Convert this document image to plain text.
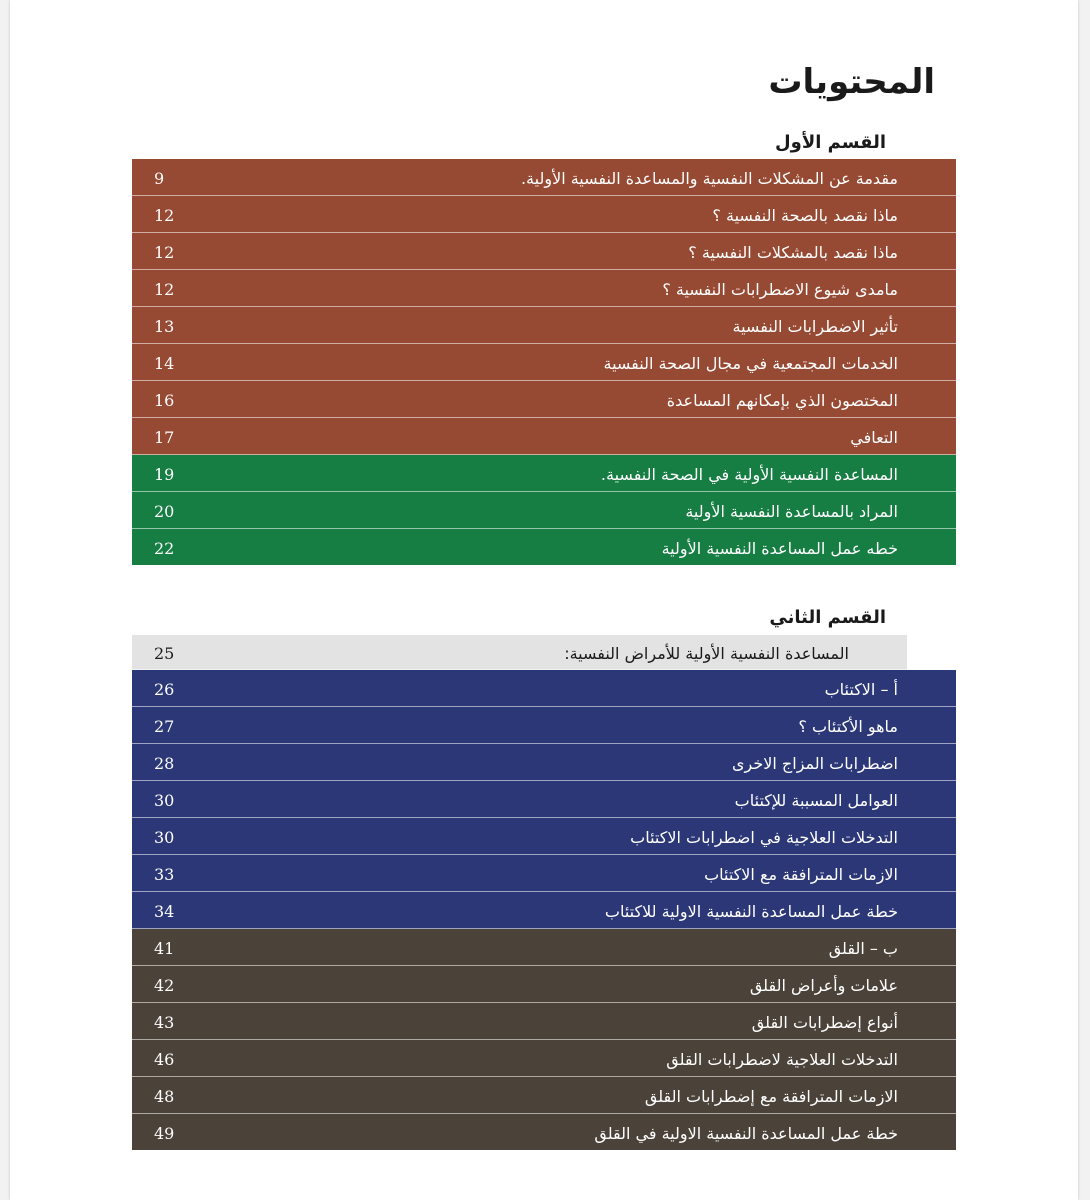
المحتويات
القسم الأول
مقدمة عن المشكلات النفسية والمساعدة النفسية الأولية.
9
ماذا نقصد بالصحة النفسية ؟
12
ماذا نقصد بالمشكلات النفسية ؟
12
مامدى شيوع الاضطرابات النفسية ؟
12
تأثير الاضطرابات النفسية
13
الخدمات المجتمعية في مجال الصحة النفسية
14
المختصون الذي بإمكانهم المساعدة
16
التعافي
17
المساعدة النفسية الأولية في الصحة النفسية.
19
المراد بالمساعدة النفسية الأولية
20
خطه عمل المساعدة النفسية الأولية
22
القسم الثاني
المساعدة النفسية الأولية للأمراض النفسية:
25
أ – الاكتئاب
26
ماهو الأكتئاب ؟
27
اضطرابات المزاج الاخرى
28
العوامل المسببة للإكتئاب
30
التدخلات العلاجية في اضطرابات الاكتئاب
30
الازمات المترافقة مع الاكتئاب
33
خطة عمل المساعدة النفسية الاولية للاكتئاب
34
ب – القلق
41
علامات وأعراض القلق
42
أنواع إضطرابات القلق
43
التدخلات العلاجية لاضطرابات القلق
46
الازمات المترافقة مع إضطرابات القلق
48
خطة عمل المساعدة النفسية الاولية في القلق
49
